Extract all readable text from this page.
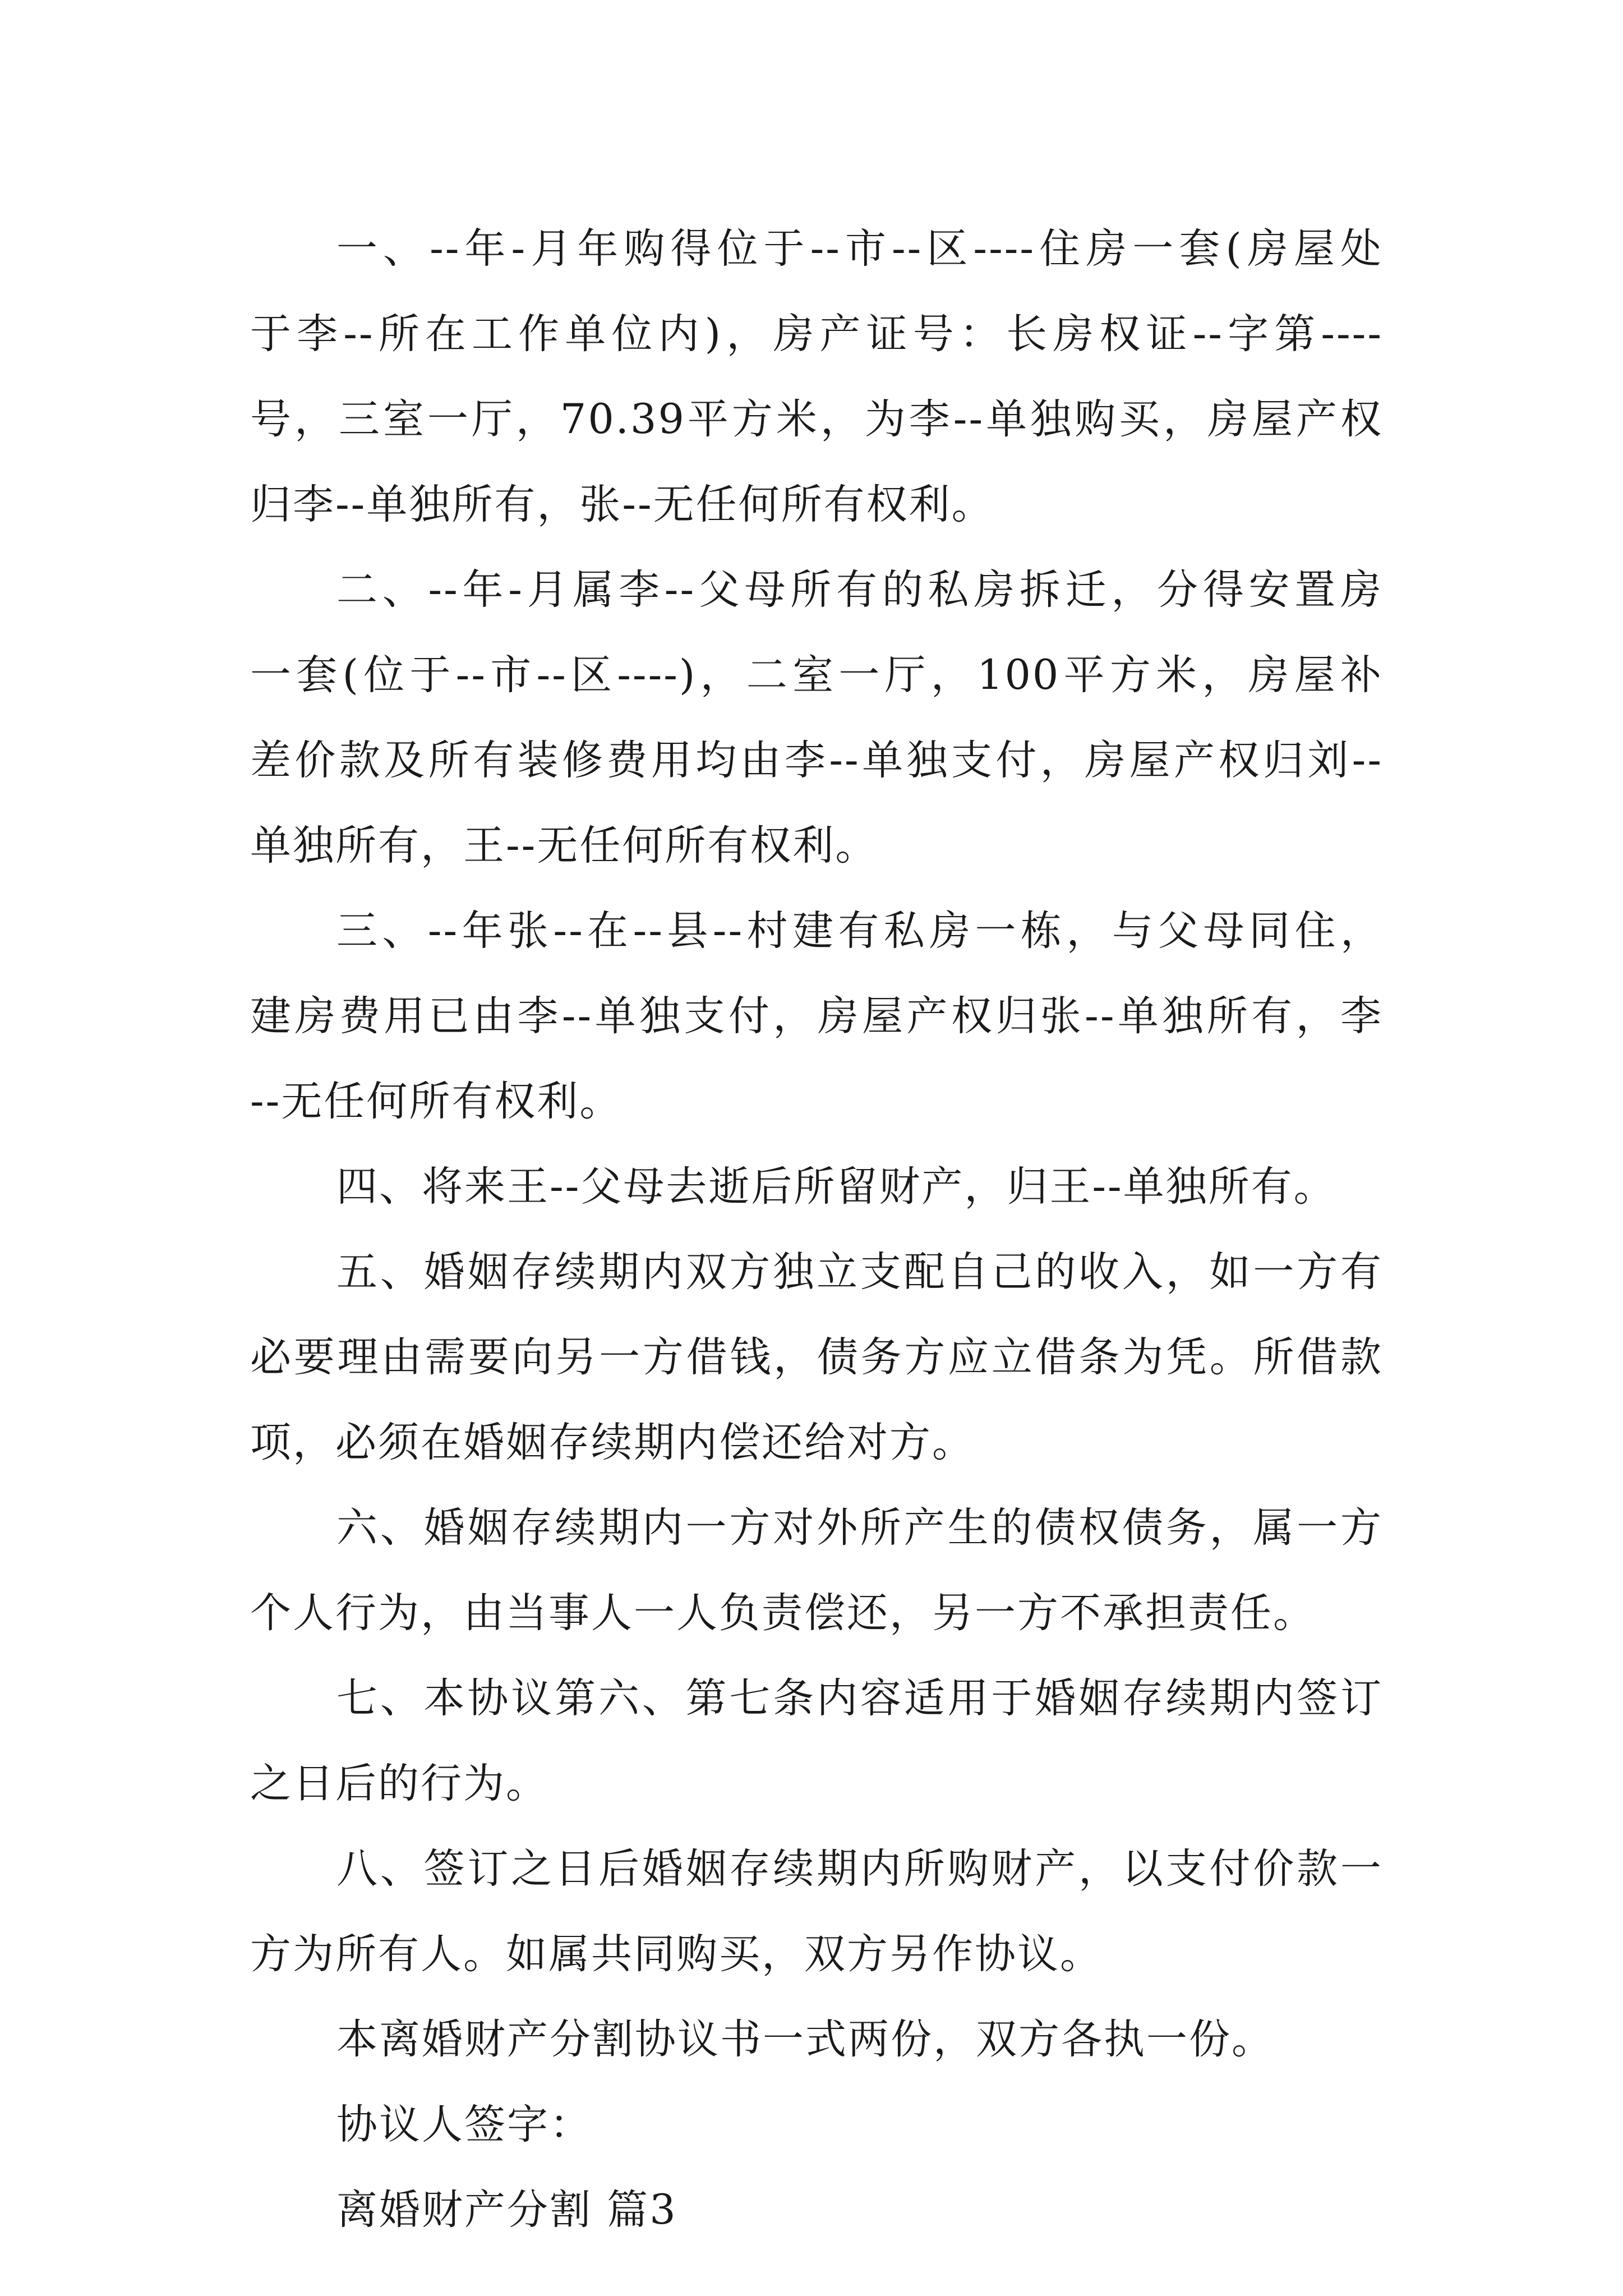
一、--年-月年购得位于--市--区----住房一套(房屋处
于李--所在工作单位内)，房产证号：长房权证--字第----
号，三室一厅，70.39平方米，为李--单独购买，房屋产权
归李--单独所有，张--无任何所有权利。

二、--年-月属李--父母所有的私房拆迁，分得安置房
一套(位于--市--区----)，二室一厅，100平方米，房屋补
差价款及所有装修费用均由李--单独支付，房屋产权归刘--
单独所有，王--无任何所有权利。

三、--年张--在--县--村建有私房一栋，与父母同住，
建房费用已由李--单独支付，房屋产权归张--单独所有，李
--无任何所有权利。

四、将来王--父母去逝后所留财产，归王--单独所有。

五、婚姻存续期内双方独立支配自己的收入，如一方有
必要理由需要向另一方借钱，债务方应立借条为凭。所借款
项，必须在婚姻存续期内偿还给对方。

六、婚姻存续期内一方对外所产生的债权债务，属一方
个人行为，由当事人一人负责偿还，另一方不承担责任。

七、本协议第六、第七条内容适用于婚姻存续期内签订
之日后的行为。

八、签订之日后婚姻存续期内所购财产，以支付价款一
方为所有人。如属共同购买，双方另作协议。

本离婚财产分割协议书一式两份，双方各执一份。

协议人签字：

离婚财产分割 篇3
